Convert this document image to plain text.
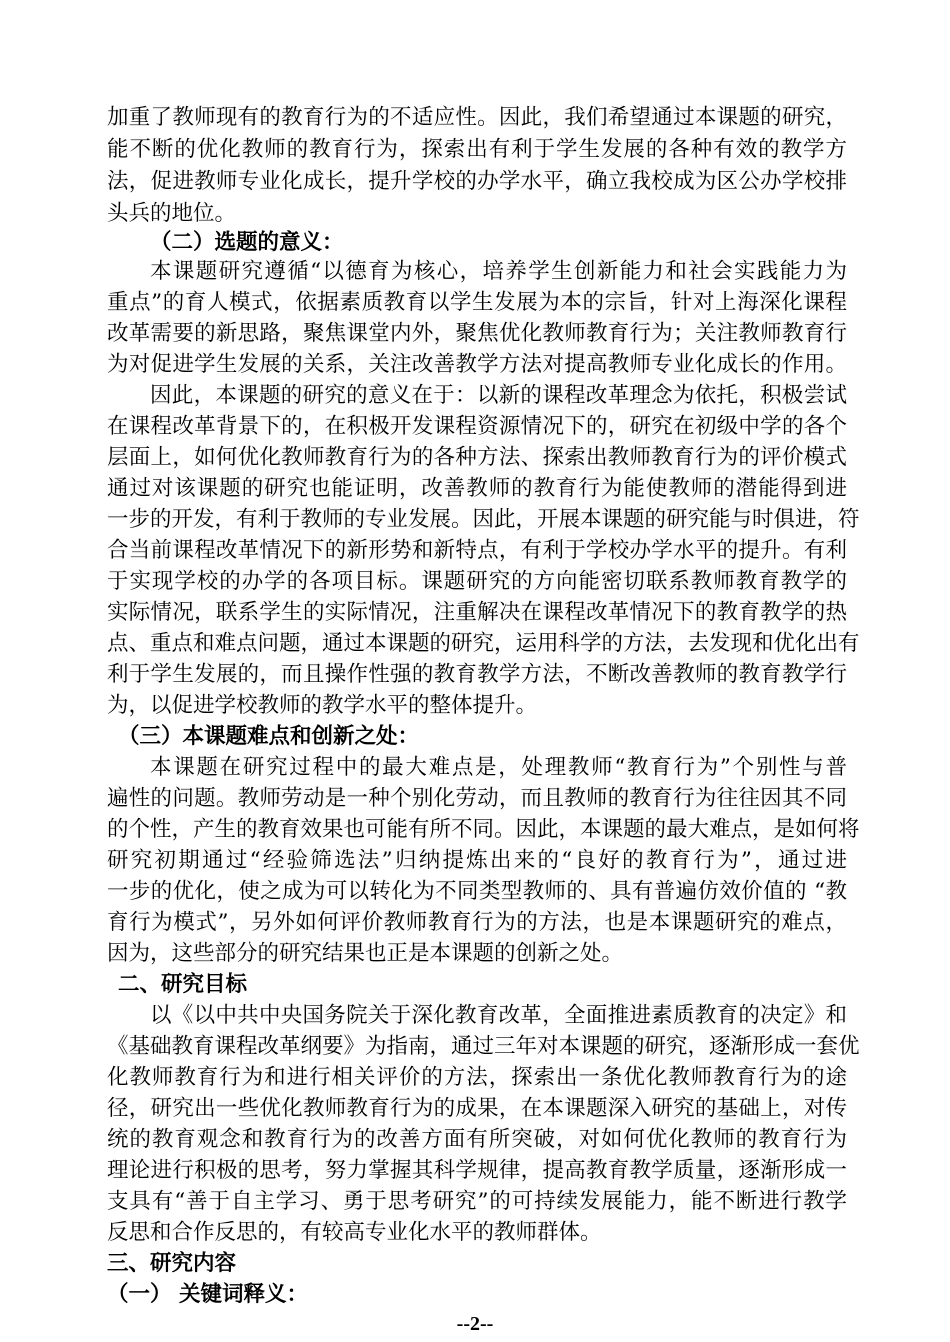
加重了教师现有的教育行为的不适应性。因此，我们希望通过本课题的研究，
能不断的优化教师的教育行为，探索出有利于学生发展的各种有效的教学方
法，促进教师专业化成长，提升学校的办学水平，确立我校成为区公办学校排
头兵的地位。
（二）选题的意义：
本课题研究遵循“以德育为核心，培养学生创新能力和社会实践能力为
重点”的育人模式，依据素质教育以学生发展为本的宗旨，针对上海深化课程
改革需要的新思路，聚焦课堂内外，聚焦优化教师教育行为；关注教师教育行
为对促进学生发展的关系，关注改善教学方法对提高教师专业化成长的作用。
因此，本课题的研究的意义在于：以新的课程改革理念为依托，积极尝试
在课程改革背景下的，在积极开发课程资源情况下的，研究在初级中学的各个
层面上，如何优化教师教育行为的各种方法、探索出教师教育行为的评价模式
通过对该课题的研究也能证明，改善教师的教育行为能使教师的潜能得到进
一步的开发，有利于教师的专业发展。因此，开展本课题的研究能与时俱进，符
合当前课程改革情况下的新形势和新特点，有利于学校办学水平的提升。有利
于实现学校的办学的各项目标。课题研究的方向能密切联系教师教育教学的
实际情况，联系学生的实际情况，注重解决在课程改革情况下的教育教学的热
点、重点和难点问题，通过本课题的研究，运用科学的方法，去发现和优化出有
利于学生发展的，而且操作性强的教育教学方法，不断改善教师的教育教学行
为，以促进学校教师的教学水平的整体提升。
（三）本课题难点和创新之处：
本课题在研究过程中的最大难点是，处理教师“教育行为”个别性与普
遍性的问题。教师劳动是一种个别化劳动，而且教师的教育行为往往因其不同
的个性，产生的教育效果也可能有所不同。因此，本课题的最大难点，是如何将
研究初期通过“经验筛选法”归纳提炼出来的“良好的教育行为”，通过进
一步的优化，使之成为可以转化为不同类型教师的、具有普遍仿效价值的 “教
育行为模式”，另外如何评价教师教育行为的方法，也是本课题研究的难点，
因为，这些部分的研究结果也正是本课题的创新之处。
二、研究目标
以《以中共中央国务院关于深化教育改革，全面推进素质教育的决定》和
《基础教育课程改革纲要》为指南，通过三年对本课题的研究，逐渐形成一套优
化教师教育行为和进行相关评价的方法，探索出一条优化教师教育行为的途
径，研究出一些优化教师教育行为的成果，在本课题深入研究的基础上，对传
统的教育观念和教育行为的改善方面有所突破，对如何优化教师的教育行为
理论进行积极的思考，努力掌握其科学规律，提高教育教学质量，逐渐形成一
支具有“善于自主学习、勇于思考研究”的可持续发展能力，能不断进行教学
反思和合作反思的，有较高专业化水平的教师群体。
三、研究内容
（一） 关键词释义：
--2--
